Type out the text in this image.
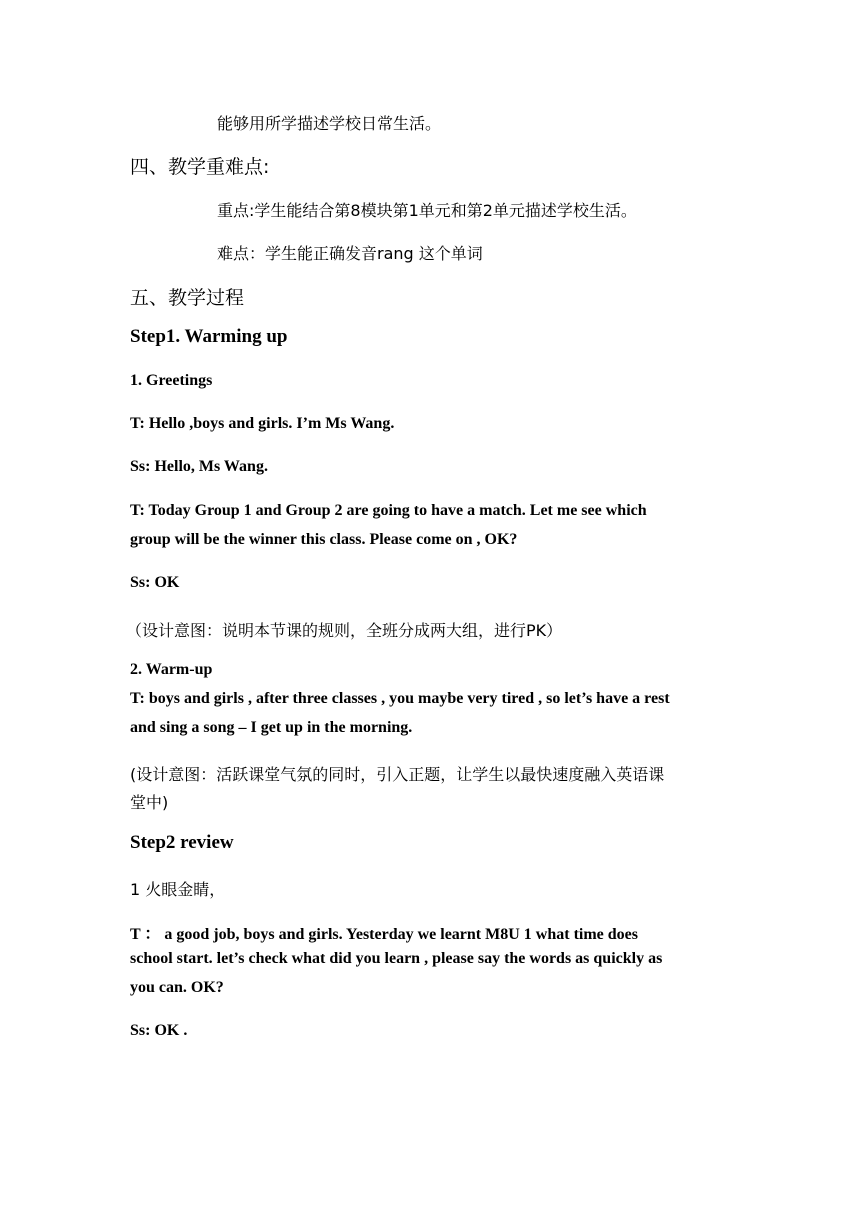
能够用所学描述学校日常生活。

四、教学重难点:

重点:学生能结合第8模块第1单元和第2单元描述学校生活。

难点：学生能正确发音rang 这个单词

五、教学过程

Step1. Warming up

1. Greetings

T: Hello ,boys and girls. I’m Ms Wang.

Ss: Hello, Ms Wang.

T: Today Group 1 and Group 2 are going to have a match. Let me see which

group will be the winner this class. Please come on , OK?

Ss: OK

（设计意图：说明本节课的规则，全班分成两大组，进行PK）

2. Warm-up

T: boys and girls , after three classes , you maybe very tired , so let’s have a rest

and sing a song – I get up in the morning.

(设计意图：活跃课堂气氛的同时，引入正题，让学生以最快速度融入英语课

堂中)

Step2 review

1 火眼金睛，

T ： a good job, boys and girls. Yesterday we learnt M8U 1 what time does

school start. let’s check what did you learn , please say the words as quickly as

you can. OK?

Ss: OK .
